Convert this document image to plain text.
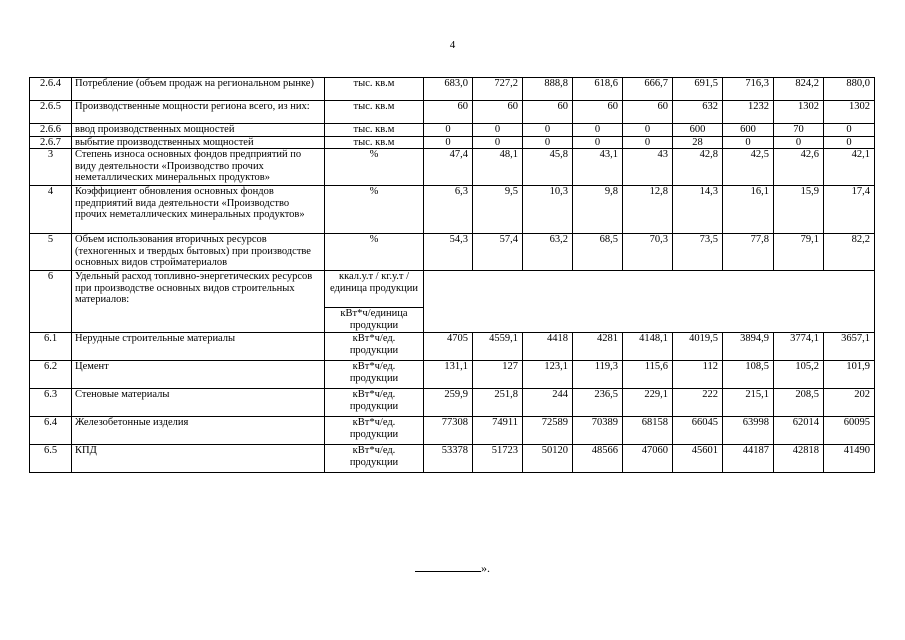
4
2.6.4	Потребление (объем продаж на региональном рынке)	тыс. кв.м	683,0	727,2	888,8	618,6	666,7	691,5	716,3	824,2	880,0
2.6.5	Производственные мощности региона всего, из них:	тыс. кв.м	60	60	60	60	60	632	1232	1302	1302
2.6.6	ввод производственных мощностей	тыс. кв.м	0	0	0	0	0	600	600	70	0
2.6.7	выбытие производственных мощностей	тыс. кв.м	0	0	0	0	0	28	0	0	0
3	Степень износа основных фондов предприятий по виду деятельности «Производство прочих неметаллических минеральных продуктов»	%	47,4	48,1	45,8	43,1	43	42,8	42,5	42,6	42,1
4	Коэффициент обновления основных фондов предприятий вида деятельности «Производство прочих неметаллических минеральных продуктов»	%	6,3	9,5	10,3	9,8	12,8	14,3	16,1	15,9	17,4
5	Объем использования вторичных ресурсов (техногенных и твердых бытовых) при производстве основных видов стройматериалов	%	54,3	57,4	63,2	68,5	70,3	73,5	77,8	79,1	82,2
6	Удельный расход топливно-энергетических ресурсов при производстве основных видов строительных материалов:	ккал.у.т / кг.у.т / единица продукции									
		кВт*ч/единица продукции									
6.1	Нерудные строительные материалы	кВт*ч/ед. продукции	4705	4559,1	4418	4281	4148,1	4019,5	3894,9	3774,1	3657,1
6.2	Цемент	кВт*ч/ед. продукции	131,1	127	123,1	119,3	115,6	112	108,5	105,2	101,9
6.3	Стеновые материалы	кВт*ч/ед. продукции	259,9	251,8	244	236,5	229,1	222	215,1	208,5	202
6.4	Железобетонные изделия	кВт*ч/ед. продукции	77308	74911	72589	70389	68158	66045	63998	62014	60095
6.5	КПД	кВт*ч/ед. продукции	53378	51723	50120	48566	47060	45601	44187	42818	41490
».
